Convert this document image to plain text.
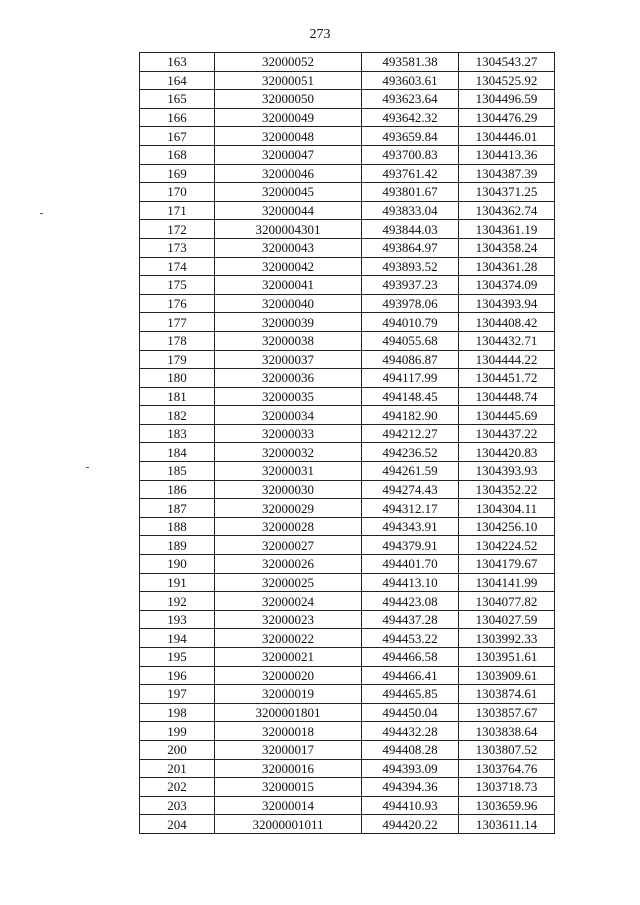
273
163	32000052	493581.38	1304543.27
164	32000051	493603.61	1304525.92
165	32000050	493623.64	1304496.59
166	32000049	493642.32	1304476.29
167	32000048	493659.84	1304446.01
168	32000047	493700.83	1304413.36
169	32000046	493761.42	1304387.39
170	32000045	493801.67	1304371.25
171	32000044	493833.04	1304362.74
172	3200004301	493844.03	1304361.19
173	32000043	493864.97	1304358.24
174	32000042	493893.52	1304361.28
175	32000041	493937.23	1304374.09
176	32000040	493978.06	1304393.94
177	32000039	494010.79	1304408.42
178	32000038	494055.68	1304432.71
179	32000037	494086.87	1304444.22
180	32000036	494117.99	1304451.72
181	32000035	494148.45	1304448.74
182	32000034	494182.90	1304445.69
183	32000033	494212.27	1304437.22
184	32000032	494236.52	1304420.83
185	32000031	494261.59	1304393.93
186	32000030	494274.43	1304352.22
187	32000029	494312.17	1304304.11
188	32000028	494343.91	1304256.10
189	32000027	494379.91	1304224.52
190	32000026	494401.70	1304179.67
191	32000025	494413.10	1304141.99
192	32000024	494423.08	1304077.82
193	32000023	494437.28	1304027.59
194	32000022	494453.22	1303992.33
195	32000021	494466.58	1303951.61
196	32000020	494466.41	1303909.61
197	32000019	494465.85	1303874.61
198	3200001801	494450.04	1303857.67
199	32000018	494432.28	1303838.64
200	32000017	494408.28	1303807.52
201	32000016	494393.09	1303764.76
202	32000015	494394.36	1303718.73
203	32000014	494410.93	1303659.96
204	32000001011	494420.22	1303611.14
